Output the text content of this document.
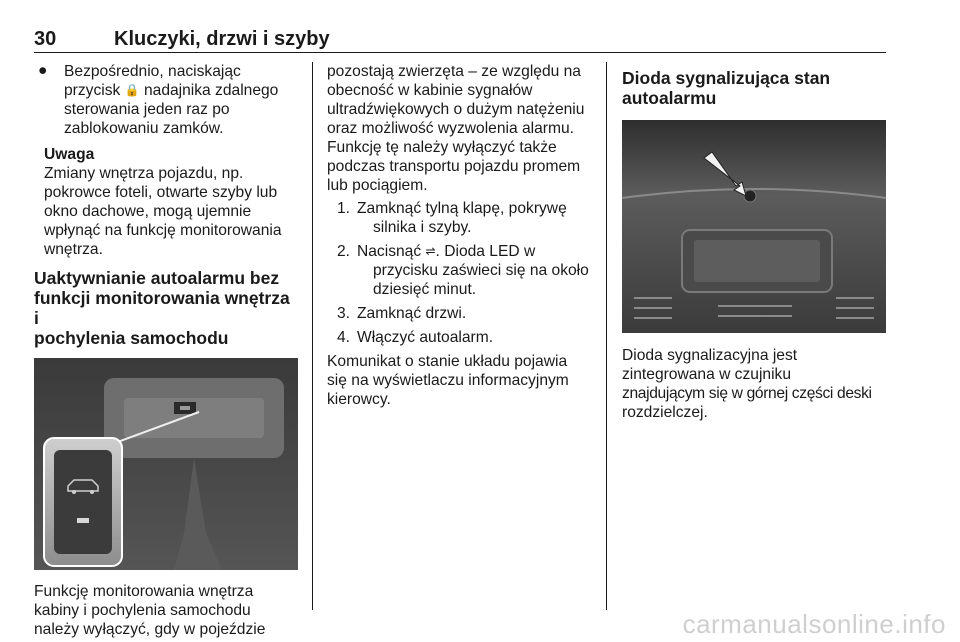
30	Kluczyki, drzwi i szyby
● Bezpośrednio, naciskając
przycisk 🔒 nadajnika zdalnego
sterowania jeden raz po
zablokowaniu zamków.
Uwaga
Zmiany wnętrza pojazdu, np.
pokrowce foteli, otwarte szyby lub
okno dachowe, mogą ujemnie
wpłynąć na funkcję monitorowania
wnętrza.
Uaktywnianie autoalarmu bez
funkcji monitorowania wnętrza i
pochylenia samochodu
Funkcję monitorowania wnętrza
kabiny i pochylenia samochodu
należy wyłączyć, gdy w pojeździe
pozostają zwierzęta – ze względu na
obecność w kabinie sygnałów
ultradźwiękowych o dużym natężeniu
oraz możliwość wyzwolenia alarmu.
Funkcję tę należy wyłączyć także
podczas transportu pojazdu promem
lub pociągiem.
1. Zamknąć tylną klapę, pokrywę
silnika i szyby.
2. Nacisnąć ⇌. Dioda LED w
przycisku zaświeci się na około
dziesięć minut.
3. Zamknąć drzwi.
4. Włączyć autoalarm.
Komunikat o stanie układu pojawia
się na wyświetlaczu informacyjnym
kierowcy.
Dioda sygnalizująca stan
autoalarmu
Dioda sygnalizacyjna jest
zintegrowana w czujniku
znajdującym się w górnej części deski
rozdzielczej.
carmanualsonline.info
